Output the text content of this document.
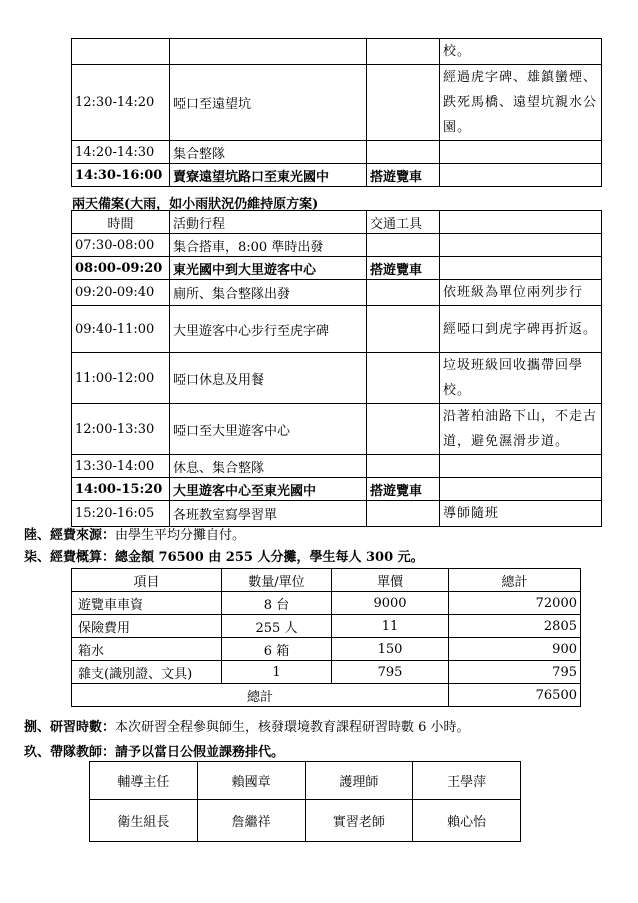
			校。
12:30-14:20	啞口至遠望坑		經過虎字碑、雄鎮蠻煙、跌死馬橋、遠望坑親水公園。
14:20-14:30	集合整隊		
14:30-16:00	賣寮遠望坑路口至東光國中	搭遊覽車	
兩天備案(大雨，如小雨狀況仍維持原方案)
時間	活動行程	交通工具	
07:30-08:00	集合搭車，8:00 準時出發		
08:00-09:20	東光國中到大里遊客中心	搭遊覽車	
09:20-09:40	廁所、集合整隊出發		依班級為單位兩列步行
09:40-11:00	大里遊客中心步行至虎字碑		經啞口到虎字碑再折返。
11:00-12:00	啞口休息及用餐		垃圾班級回收攜帶回學校。
12:00-13:30	啞口至大里遊客中心		沿著柏油路下山，不走古道，避免濕滑步道。
13:30-14:00	休息、集合整隊		
14:00-15:20	大里遊客中心至東光國中	搭遊覽車	
15:20-16:05	各班教室寫學習單		導師隨班
陸、經費來源：由學生平均分攤自付。
柒、經費概算：總金額 76500 由 255 人分攤，學生每人 300 元。
項目	數量/單位	單價	總計
遊覽車車資	8 台	9000	72000
保險費用	255 人	11	2805
箱水	6 箱	150	900
雜支(識別證、文具)	1	795	795
總計			76500
捌、研習時數：本次研習全程參與師生，核發環境教育課程研習時數 6 小時。
玖、帶隊教師：請予以當日公假並課務排代。
輔導主任	賴國章	護理師	王學萍
衛生組長	詹繼祥	實習老師	賴心怡
